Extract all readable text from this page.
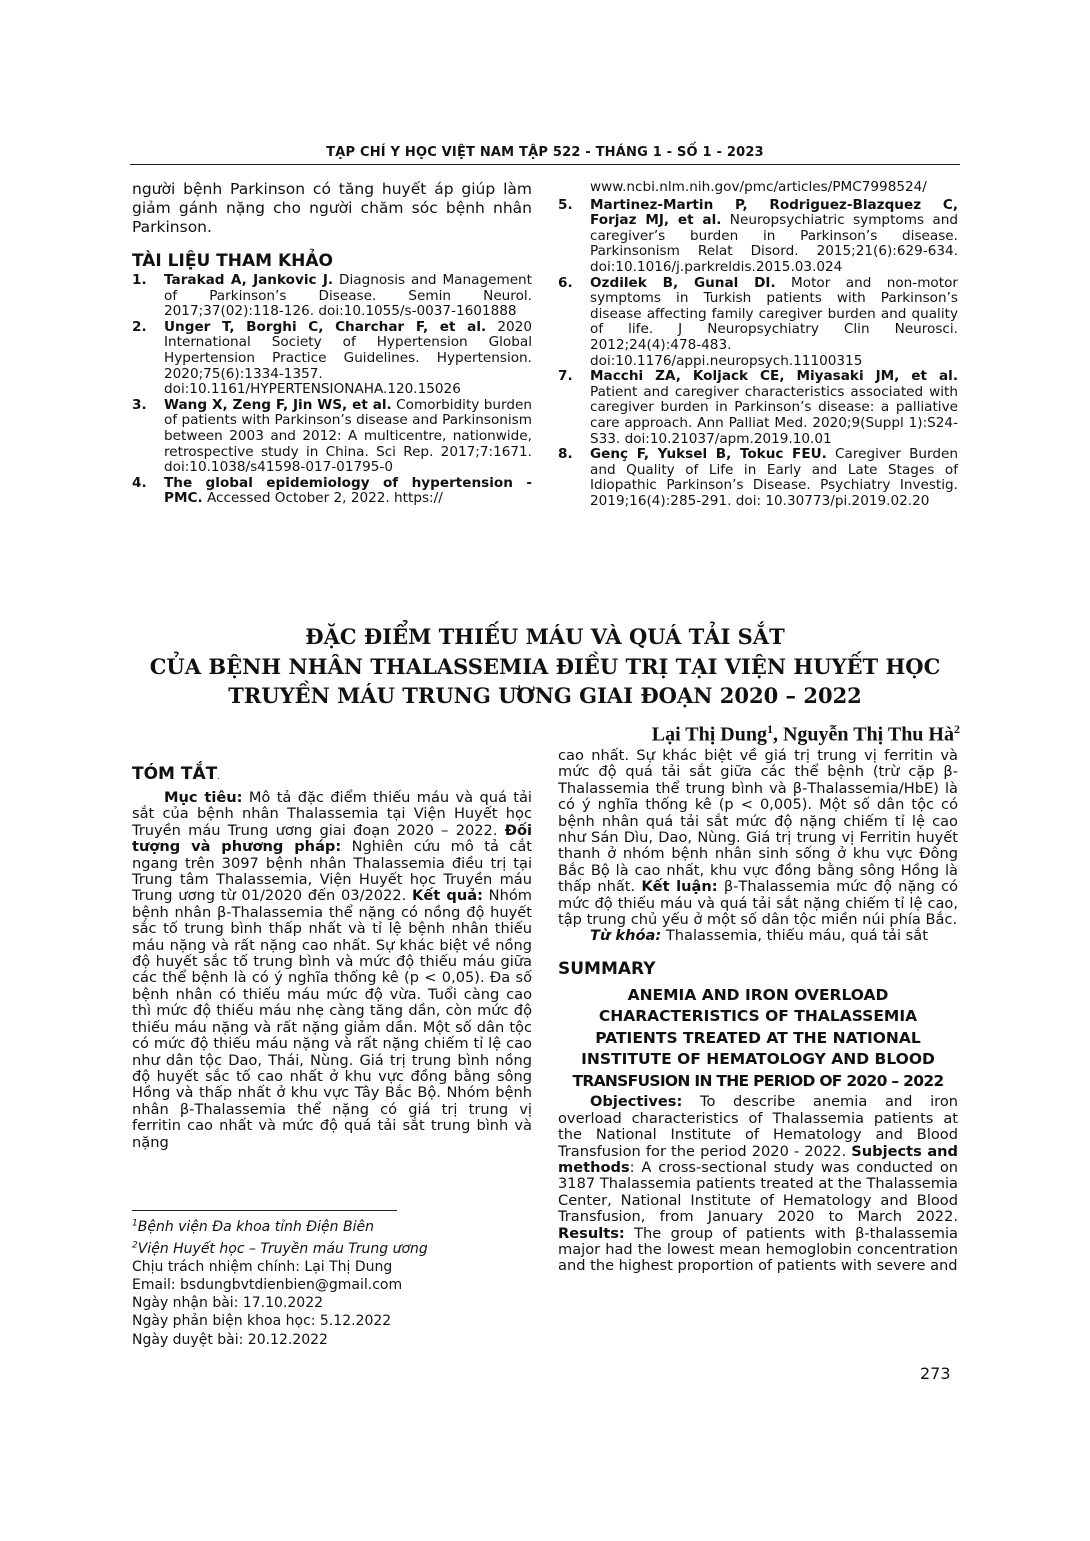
TẠP CHÍ Y HỌC VIỆT NAM TẬP 522 - THÁNG 1 - SỐ 1 - 2023

người bệnh Parkinson có tăng huyết áp giúp làm giảm gánh nặng cho người chăm sóc bệnh nhân Parkinson.

TÀI LIỆU THAM KHẢO
1.	Tarakad A, Jankovic J. Diagnosis and Management of Parkinson’s Disease. Semin Neurol. 2017;37(02):118-126. doi:10.1055/s-0037-1601888
2.	Unger T, Borghi C, Charchar F, et al. 2020 International Society of Hypertension Global Hypertension Practice Guidelines. Hypertension. 2020;75(6):1334-1357. doi:10.1161/HYPERTENSIONAHA.120.15026
3.	Wang X, Zeng F, Jin WS, et al. Comorbidity burden of patients with Parkinson’s disease and Parkinsonism between 2003 and 2012: A multicentre, nationwide, retrospective study in China. Sci Rep. 2017;7:1671. doi:10.1038/s41598-017-01795-0
4.	The global epidemiology of hypertension - PMC. Accessed October 2, 2022. https://
www.ncbi.nlm.nih.gov/pmc/articles/PMC7998524/
5.	Martinez-Martin P, Rodriguez-Blazquez C, Forjaz MJ, et al. Neuropsychiatric symptoms and caregiver’s burden in Parkinson’s disease. Parkinsonism Relat Disord. 2015;21(6):629-634. doi:10.1016/j.parkreldis.2015.03.024
6.	Ozdilek B, Gunal DI. Motor and non-motor symptoms in Turkish patients with Parkinson’s disease affecting family caregiver burden and quality of life. J Neuropsychiatry Clin Neurosci. 2012;24(4):478-483. doi:10.1176/appi.neuropsych.11100315
7.	Macchi ZA, Koljack CE, Miyasaki JM, et al. Patient and caregiver characteristics associated with caregiver burden in Parkinson’s disease: a palliative care approach. Ann Palliat Med. 2020;9(Suppl 1):S24-S33. doi:10.21037/apm.2019.10.01
8.	Genç F, Yuksel B, Tokuc FEU. Caregiver Burden and Quality of Life in Early and Late Stages of Idiopathic Parkinson’s Disease. Psychiatry Investig. 2019;16(4):285-291. doi: 10.30773/pi.2019.02.20
ĐẶC ĐIỂM THIẾU MÁU VÀ QUÁ TẢI SẮT
CỦA BỆNH NHÂN THALASSEMIA ĐIỀU TRỊ TẠI VIỆN HUYẾT HỌC
TRUYỀN MÁU TRUNG ƯƠNG GIAI ĐOẠN 2020 – 2022
Lại Thị Dung$^1$, Nguyễn Thị Thu $Hà^2$
TÓM TẮT.

Mục tiêu: Mô tả đặc điểm thiếu máu và quá tải sắt của bệnh nhân Thalassemia tại Viện Huyết học Truyền máu Trung ương giai đoạn 2020 – 2022. Đối tượng và phương pháp: Nghiên cứu mô tả cắt ngang trên 3097 bệnh nhân Thalassemia điều trị tại Trung tâm Thalassemia, Viện Huyết học Truyền máu Trung ương từ 01/2020 đến 03/2022. Kết quả: Nhóm bệnh nhân β-Thalassemia thể nặng có nồng độ huyết sắc tố trung bình thấp nhất và tỉ lệ bệnh nhân thiếu máu nặng và rất nặng cao nhất. Sự khác biệt về nồng độ huyết sắc tố trung bình và mức độ thiếu máu giữa các thể bệnh là có ý nghĩa thống kê (p < 0,05). Đa số bệnh nhân có thiếu máu mức độ vừa. Tuổi càng cao thì mức độ thiếu máu nhẹ càng tăng dần, còn mức độ thiếu máu nặng và rất nặng giảm dần. Một số dân tộc có mức độ thiếu máu nặng và rất nặng chiếm tỉ lệ cao như dân tộc Dao, Thái, Nùng. Giá trị trung bình nồng độ huyết sắc tố cao nhất ở khu vực đồng bằng sông Hồng và thấp nhất ở khu vực Tây Bắc Bộ. Nhóm bệnh nhân β-Thalassemia thể nặng có giá trị trung vị ferritin cao nhất và mức độ quá tải sắt trung bình và nặng

$^1$Bệnh viện Đa khoa tỉnh Điện Biên
$^2$Viện Huyết học – Truyền máu Trung ương
Chịu trách nhiệm chính: Lại Thị Dung
Email: bsdungbvtdienbien@gmail.com
Ngày nhận bài: 17.10.2022
Ngày phản biện khoa học: 5.12.2022
Ngày duyệt bài: 20.12.2022

cao nhất. Sự khác biệt về giá trị trung vị ferritin và mức độ quá tải sắt giữa các thể bệnh (trừ cặp β-Thalassemia thể trung bình và β-Thalassemia/HbE) là có ý nghĩa thống kê (p < 0,005). Một số dân tộc có bệnh nhân quá tải sắt mức độ nặng chiếm tỉ lệ cao như Sán Dìu, Dao, Nùng. Giá trị trung vị Ferritin huyết thanh ở nhóm bệnh nhân sinh sống ở khu vực Đông Bắc Bộ là cao nhất, khu vực đồng bằng sông Hồng là thấp nhất. Kết luận: β-Thalassemia mức độ nặng có mức độ thiếu máu và quá tải sắt nặng chiếm tỉ lệ cao, tập trung chủ yếu ở một số dân tộc miền núi phía Bắc.

Từ khóa: Thalassemia, thiếu máu, quá tải sắt

SUMMARY
ANEMIA AND IRON OVERLOAD
CHARACTERISTICS OF THALASSEMIA
PATIENTS TREATED AT THE NATIONAL
INSTITUTE OF HEMATOLOGY AND BLOOD
TRANSFUSION IN THE PERIOD OF 2020 – 2022

Objectives: To describe anemia and iron overload characteristics of Thalassemia patients at the National Institute of Hematology and Blood Transfusion for the period 2020 - 2022. Subjects and methods: A cross-sectional study was conducted on 3187 Thalassemia patients treated at the Thalassemia Center, National Institute of Hematology and Blood Transfusion, from January 2020 to March 2022. Results: The group of patients with β-thalassemia major had the lowest mean hemoglobin concentration and the highest proportion of patients with severe and

273
